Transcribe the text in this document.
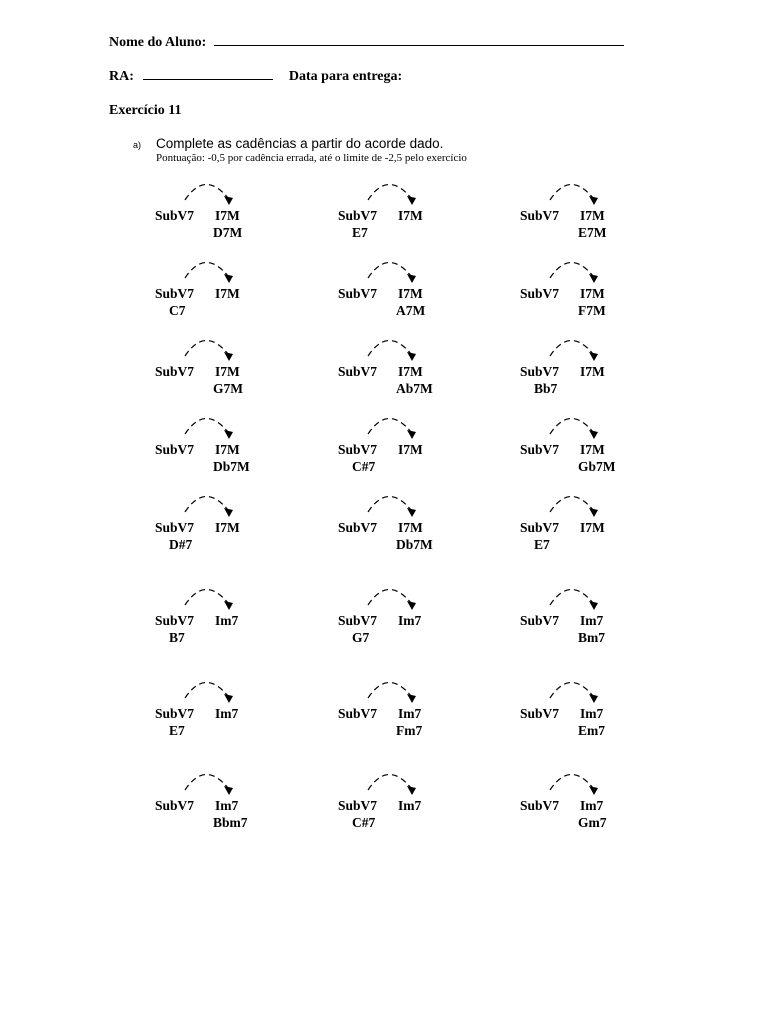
Nome do Aluno:
RA:	Data para entrega:
Exercício 11
a) Complete as cadências a partir do acorde dado.
Pontuação: -0,5 por cadência errada, até o limite de -2,5 pelo exercício
SubV7 I7M
D7M
SubV7 I7M
E7
SubV7 I7M
E7M
SubV7 I7M
C7
SubV7 I7M
A7M
SubV7 I7M
F7M
SubV7 I7M
G7M
SubV7 I7M
Ab7M
SubV7 I7M
Bb7
SubV7 I7M
Db7M
SubV7 I7M
C#7
SubV7 I7M
Gb7M
SubV7 I7M
D#7
SubV7 I7M
Db7M
SubV7 I7M
E7
SubV7 Im7
B7
SubV7 Im7
G7
SubV7 Im7
Bm7
SubV7 Im7
E7
SubV7 Im7
Fm7
SubV7 Im7
Em7
SubV7 Im7
Bbm7
SubV7 Im7
C#7
SubV7 Im7
Gm7
